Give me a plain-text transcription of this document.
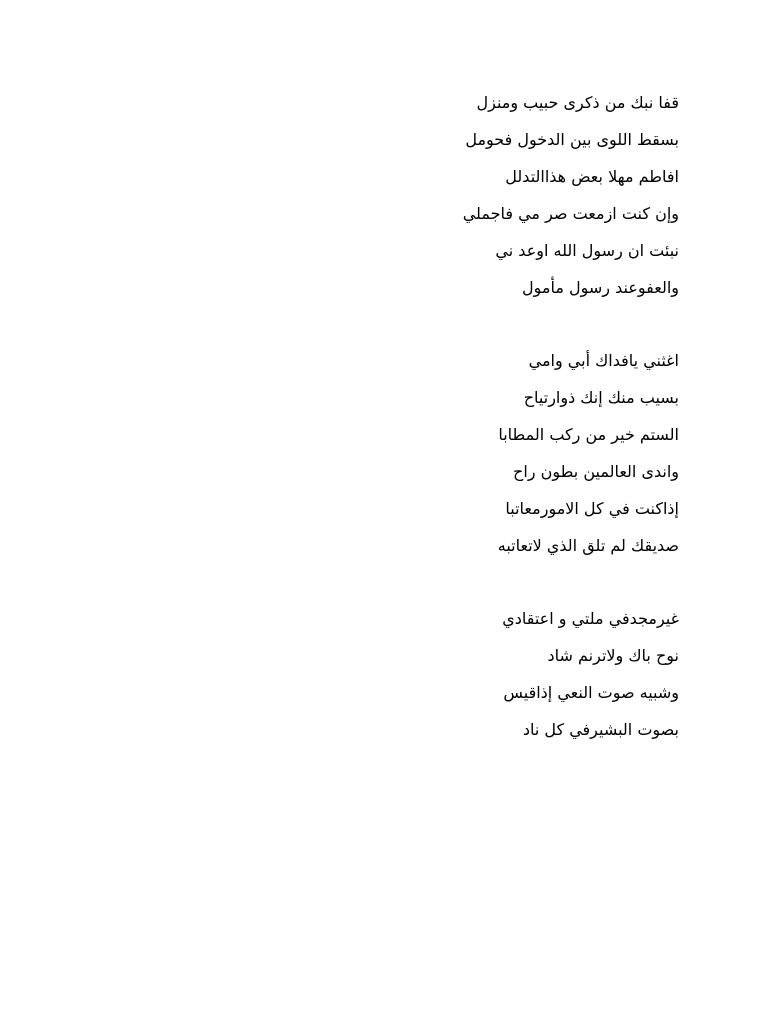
قفا نبك من ذكرى حبيب ومنزل
بسقط اللوى بين الدخول فحومل
افاطم مهلا بعض هذاالتدلل
وإن كنت ازمعت صر مي فاجملي
نبئت ان رسول الله اوعد ني
والعفوعند رسول مأمول
اغثني يافداك أبي وامي
بسيب منك إنك ذوارتياح
الستم خير من ركب المطابا
واندى العالمين بطون راح
إذاكنت في كل الامورمعاتبا
صديقك لم تلق الذي لاتعاتبه
غيرمجدفي ملتي و اعتقادي
نوح باك ولاترنم شاد
وشبيه صوت النعي إذاقيس
بصوت البشيرفي كل ناد
